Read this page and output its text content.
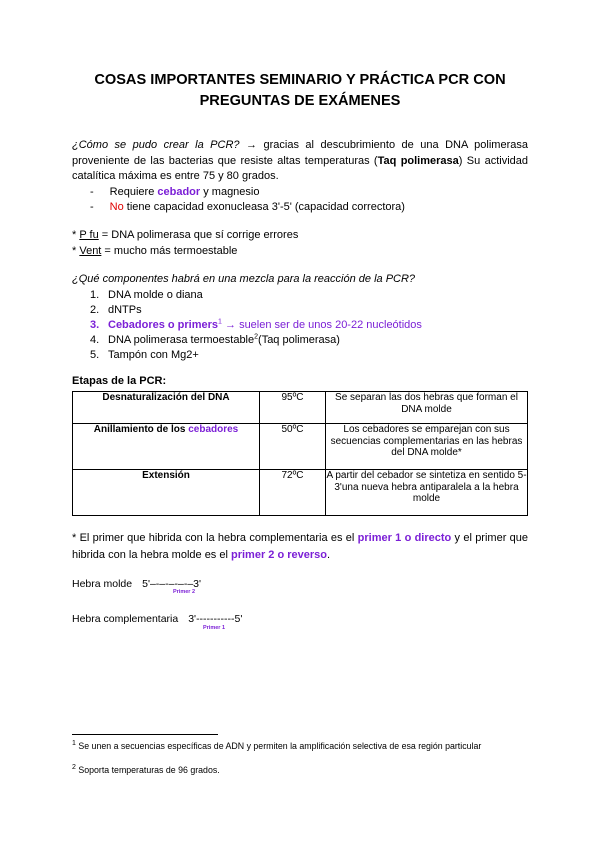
COSAS IMPORTANTES SEMINARIO Y PRÁCTICA PCR CON
PREGUNTAS DE EXÁMENES
¿Cómo se pudo crear la PCR? → gracias al descubrimiento de una DNA polimerasa proveniente de las bacterias que resiste altas temperaturas (Taq polimerasa) Su actividad catalítica máxima es entre 75 y 80 grados.
- Requiere cebador y magnesio
- No tiene capacidad exonucleasa 3'-5' (capacidad correctora)
* P fu = DNA polimerasa que sí corrige errores
* Vent = mucho más termoestable
¿Qué componentes habrá en una mezcla para la reacción de la PCR?
1. DNA molde o diana
2. dNTPs
3. Cebadores o primers$^1$ → suelen ser de unos 20-22 nucleótidos
4. DNA polimerasa termoestable$^2$(Taq polimerasa)
5. Tampón con Mg2+
Etapas de la PCR:
Desnaturalización del DNA	95ºC	Se separan las dos hebras que forman el DNA molde
Anillamiento de los cebadores	50ºC	Los cebadores se emparejan con sus secuencias complementarias en las hebras del DNA molde*
Extensión	72ºC	A partir del cebador se sintetiza en sentido 5-3'una nueva hebra antiparalela a la hebra molde
* El primer que hibrida con la hebra complementaria es el primer 1 o directo y el primer que hibrida con la hebra molde es el primer 2 o reverso.
Hebra molde 5'–-–-–-–-–3'
Primer 2
Hebra complementaria 3'-----------5'
Primer 1
$^1$ Se unen a secuencias específicas de ADN y permiten la amplificación selectiva de esa región particular
$^2$ Soporta temperaturas de 96 grados.
